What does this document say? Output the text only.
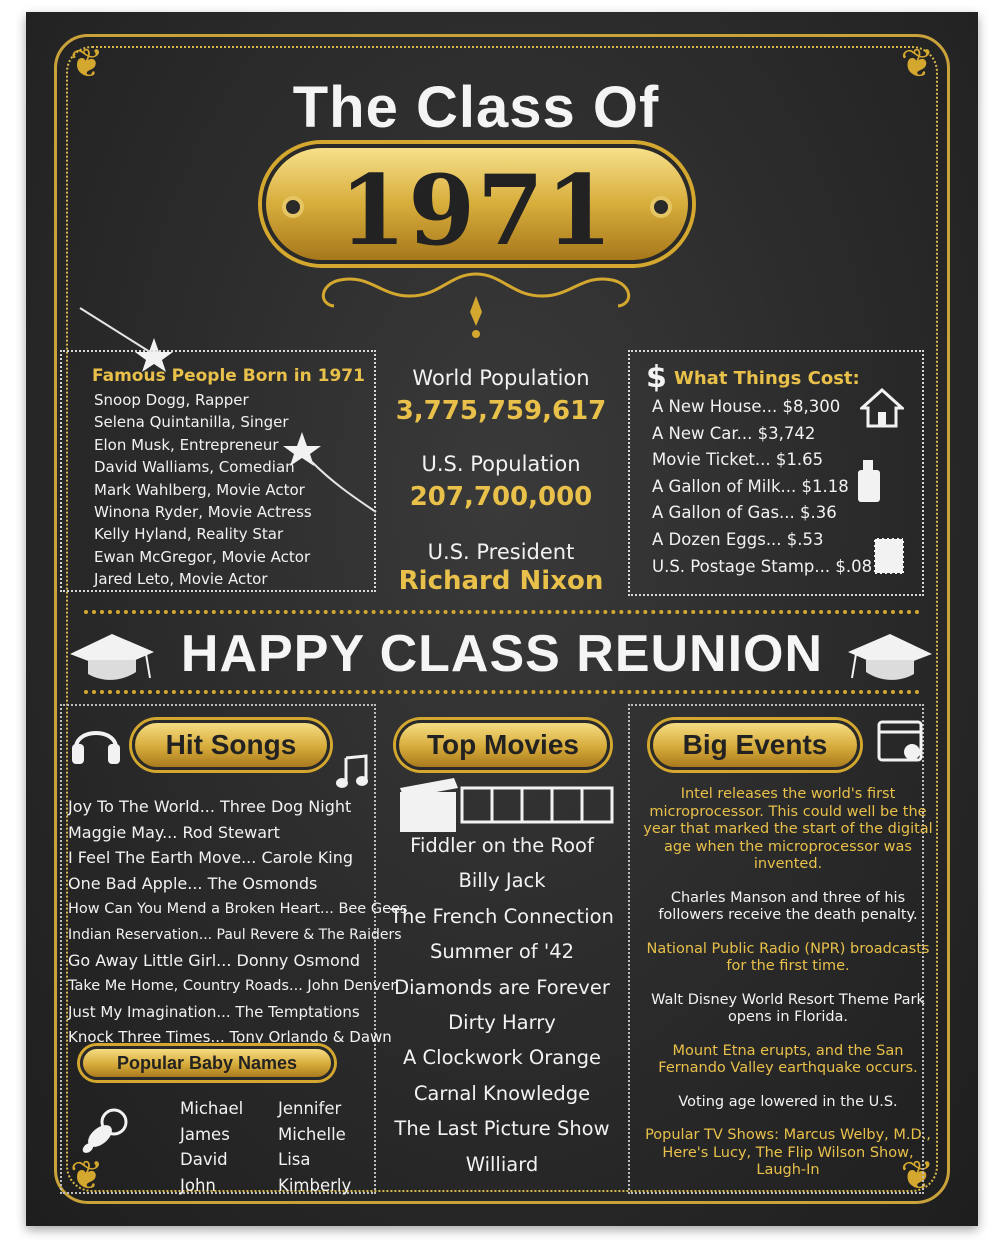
❦	❦
❦	❦
The Class Of
1971
Famous People Born in 1971
Snoop Dogg, Rapper
Selena Quintanilla, Singer
Elon Musk, Entrepreneur
David Walliams, Comedian
Mark Wahlberg, Movie Actor
Winona Ryder, Movie Actress
Kelly Hyland, Reality Star
Ewan McGregor, Movie Actor
Jared Leto, Movie Actor
World Population
3,775,759,617
U.S. Population
207,700,000
U.S. President
Richard Nixon
$ What Things Cost:
A New House... $8,300
A New Car... $3,742
Movie Ticket... $1.65
A Gallon of Milk... $1.18
A Gallon of Gas... $.36
A Dozen Eggs... $.53
U.S. Postage Stamp... $.08
HAPPY CLASS REUNION
Hit Songs
Joy To The World... Three Dog Night
Maggie May... Rod Stewart
I Feel The Earth Move... Carole King
One Bad Apple... The Osmonds
How Can You Mend a Broken Heart... Bee Gees
Indian Reservation... Paul Revere & The Raiders
Go Away Little Girl... Donny Osmond
Take Me Home, Country Roads... John Denver
Just My Imagination... The Temptations
Knock Three Times... Tony Orlando & Dawn
Popular Baby Names
Michael
James
David
John
Jennifer
Michelle
Lisa
Kimberly
Top Movies
Fiddler on the Roof
Billy Jack
The French Connection
Summer of '42
Diamonds are Forever
Dirty Harry
A Clockwork Orange
Carnal Knowledge
The Last Picture Show
Williard
Big Events

Intel releases the world's first microprocessor. This could well be the year that marked the start of the digital age when the microprocessor was invented.

Charles Manson and three of his followers receive the death penalty.

National Public Radio (NPR) broadcasts for the first time.

Walt Disney World Resort Theme Park opens in Florida.

Mount Etna erupts, and the San Fernando Valley earthquake occurs.

Voting age lowered in the U.S.

Popular TV Shows: Marcus Welby, M.D., Here's Lucy, The Flip Wilson Show, Laugh-In
